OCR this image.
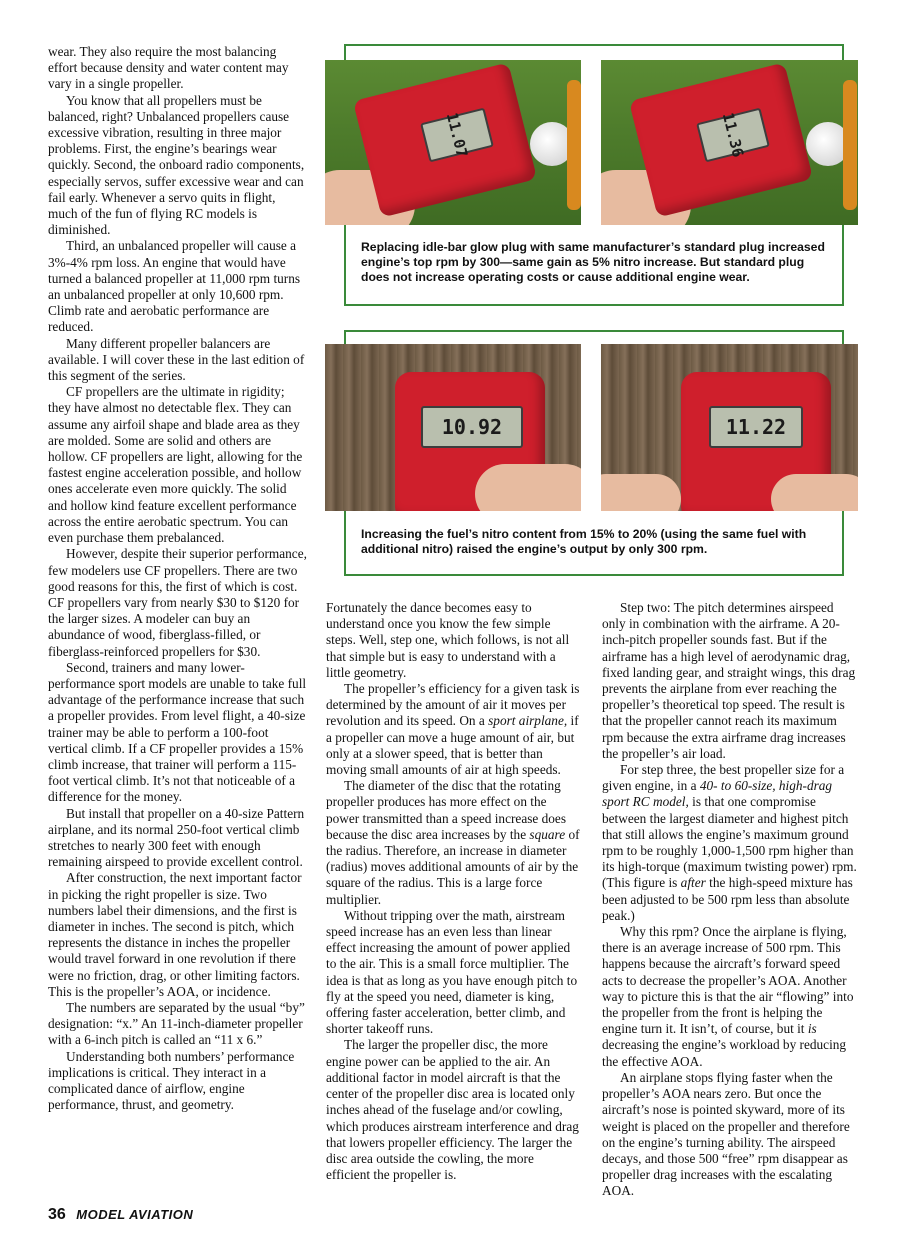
wear. They also require the most balancing effort because density and water content may vary in a single propeller.

You know that all propellers must be balanced, right? Unbalanced propellers cause excessive vibration, resulting in three major problems. First, the engine’s bearings wear quickly. Second, the onboard radio components, especially servos, suffer excessive wear and can fail early. Whenever a servo quits in flight, much of the fun of flying RC models is diminished.

Third, an unbalanced propeller will cause a 3%-4% rpm loss. An engine that would have turned a balanced propeller at 11,000 rpm turns an unbalanced propeller at only 10,600 rpm. Climb rate and aerobatic performance are reduced.

Many different propeller balancers are available. I will cover these in the last edition of this segment of the series.

CF propellers are the ultimate in rigidity; they have almost no detectable flex. They can assume any airfoil shape and blade area as they are molded. Some are solid and others are hollow. CF propellers are light, allowing for the fastest engine acceleration possible, and hollow ones accelerate even more quickly. The solid and hollow kind feature excellent performance across the entire aerobatic spectrum. You can even purchase them prebalanced.

However, despite their superior performance, few modelers use CF propellers. There are two good reasons for this, the first of which is cost. CF propellers vary from nearly $30 to $120 for the larger sizes. A modeler can buy an abundance of wood, fiberglass-filled, or fiberglass-reinforced propellers for $30.

Second, trainers and many lower-performance sport models are unable to take full advantage of the performance increase that such a propeller provides. From level flight, a 40-size trainer may be able to perform a 100-foot vertical climb. If a CF propeller provides a 15% climb increase, that trainer will perform a 115-foot vertical climb. It’s not that noticeable of a difference for the money.

But install that propeller on a 40-size Pattern airplane, and its normal 250-foot vertical climb stretches to nearly 300 feet with enough remaining airspeed to provide excellent control.

After construction, the next important factor in picking the right propeller is size. Two numbers label their dimensions, and the first is diameter in inches. The second is pitch, which represents the distance in inches the propeller would travel forward in one revolution if there were no friction, drag, or other limiting factors. This is the propeller’s AOA, or incidence.

The numbers are separated by the usual “by” designation: “x.” An 11-inch-diameter propeller with a 6-inch pitch is called an “11 x 6.”

Understanding both numbers’ performance implications is critical. They interact in a complicated dance of airflow, engine performance, thrust, and geometry.

11.07	11.36
Replacing idle-bar glow plug with same manufacturer’s standard plug increased engine’s top rpm by 300—same gain as 5% nitro increase. But standard plug does not increase operating costs or cause additional engine wear.
10.92	11.22
Increasing the fuel’s nitro content from 15% to 20% (using the same fuel with additional nitro) raised the engine’s output by only 300 rpm.

Fortunately the dance becomes easy to understand once you know the few simple steps. Well, step one, which follows, is not all that simple but is easy to understand with a little geometry.

The propeller’s efficiency for a given task is determined by the amount of air it moves per revolution and its speed. On a sport airplane, if a propeller can move a huge amount of air, but only at a slower speed, that is better than moving small amounts of air at high speeds.

The diameter of the disc that the rotating propeller produces has more effect on the power transmitted than a speed increase does because the disc area increases by the square of the radius. Therefore, an increase in diameter (radius) moves additional amounts of air by the square of the radius. This is a large force multiplier.

Without tripping over the math, airstream speed increase has an even less than linear effect increasing the amount of power applied to the air. This is a small force multiplier. The idea is that as long as you have enough pitch to fly at the speed you need, diameter is king, offering faster acceleration, better climb, and shorter takeoff runs.

The larger the propeller disc, the more engine power can be applied to the air. An additional factor in model aircraft is that the center of the propeller disc area is located only inches ahead of the fuselage and/or cowling, which produces airstream interference and drag that lowers propeller efficiency. The larger the disc area outside the cowling, the more efficient the propeller is.

Step two: The pitch determines airspeed only in combination with the airframe. A 20-inch-pitch propeller sounds fast. But if the airframe has a high level of aerodynamic drag, fixed landing gear, and straight wings, this drag prevents the airplane from ever reaching the propeller’s theoretical top speed. The result is that the propeller cannot reach its maximum rpm because the extra airframe drag increases the propeller’s air load.

For step three, the best propeller size for a given engine, in a 40- to 60-size, high-drag sport RC model, is that one compromise between the largest diameter and highest pitch that still allows the engine’s maximum ground rpm to be roughly 1,000-1,500 rpm higher than its high-torque (maximum twisting power) rpm. (This figure is after the high-speed mixture has been adjusted to be 500 rpm less than absolute peak.)

Why this rpm? Once the airplane is flying, there is an average increase of 500 rpm. This happens because the aircraft’s forward speed acts to decrease the propeller’s AOA. Another way to picture this is that the air “flowing” into the propeller from the front is helping the engine turn it. It isn’t, of course, but it is decreasing the engine’s workload by reducing the effective AOA.

An airplane stops flying faster when the propeller’s AOA nears zero. But once the aircraft’s nose is pointed skyward, more of its weight is placed on the propeller and therefore on the engine’s turning ability. The airspeed decays, and those 500 “free” rpm disappear as propeller drag increases with the escalating AOA.

36 MODEL AVIATION
